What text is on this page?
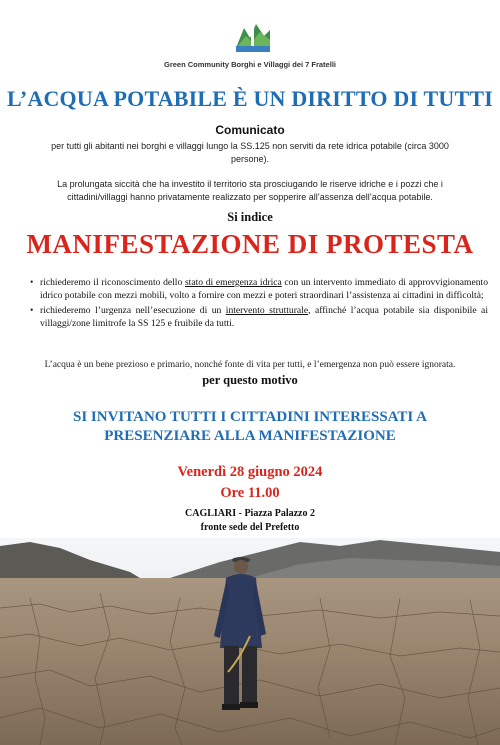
Green Community Borghi e Villaggi dei 7 Fratelli
L’ACQUA POTABILE È UN DIRITTO DI TUTTI
Comunicato
per tutti gli abitanti nei borghi e villaggi lungo la SS.125 non serviti da rete idrica potabile (circa 3000 persone).
La prolungata siccità che ha investito il territorio sta prosciugando le riserve idriche e i pozzi che i cittadini/villaggi hanno privatamente realizzato per sopperire all’assenza dell’acqua potabile.
Si indice
MANIFESTAZIONE DI PROTESTA
• richiederemo il riconoscimento dello stato di emergenza idrica con un intervento immediato di approvvigionamento idrico potabile con mezzi mobili, volto a fornire con mezzi e poteri straordinari l’assistenza ai cittadini in difficoltà;
• richiederemo l’urgenza nell’esecuzione di un intervento strutturale, affinché l’acqua potabile sia disponibile ai villaggi/zone limitrofe la SS 125 e fruibile da tutti.
L’acqua è un bene prezioso e primario, nonché fonte di vita per tutti, e l’emergenza non può essere ignorata.
per questo motivo
SI INVITANO TUTTI I CITTADINI INTERESSATI A
PRESENZIARE ALLA MANIFESTAZIONE
Venerdì 28 giugno 2024
Ore 11.00
CAGLIARI - Piazza Palazzo 2
fronte sede del Prefetto
